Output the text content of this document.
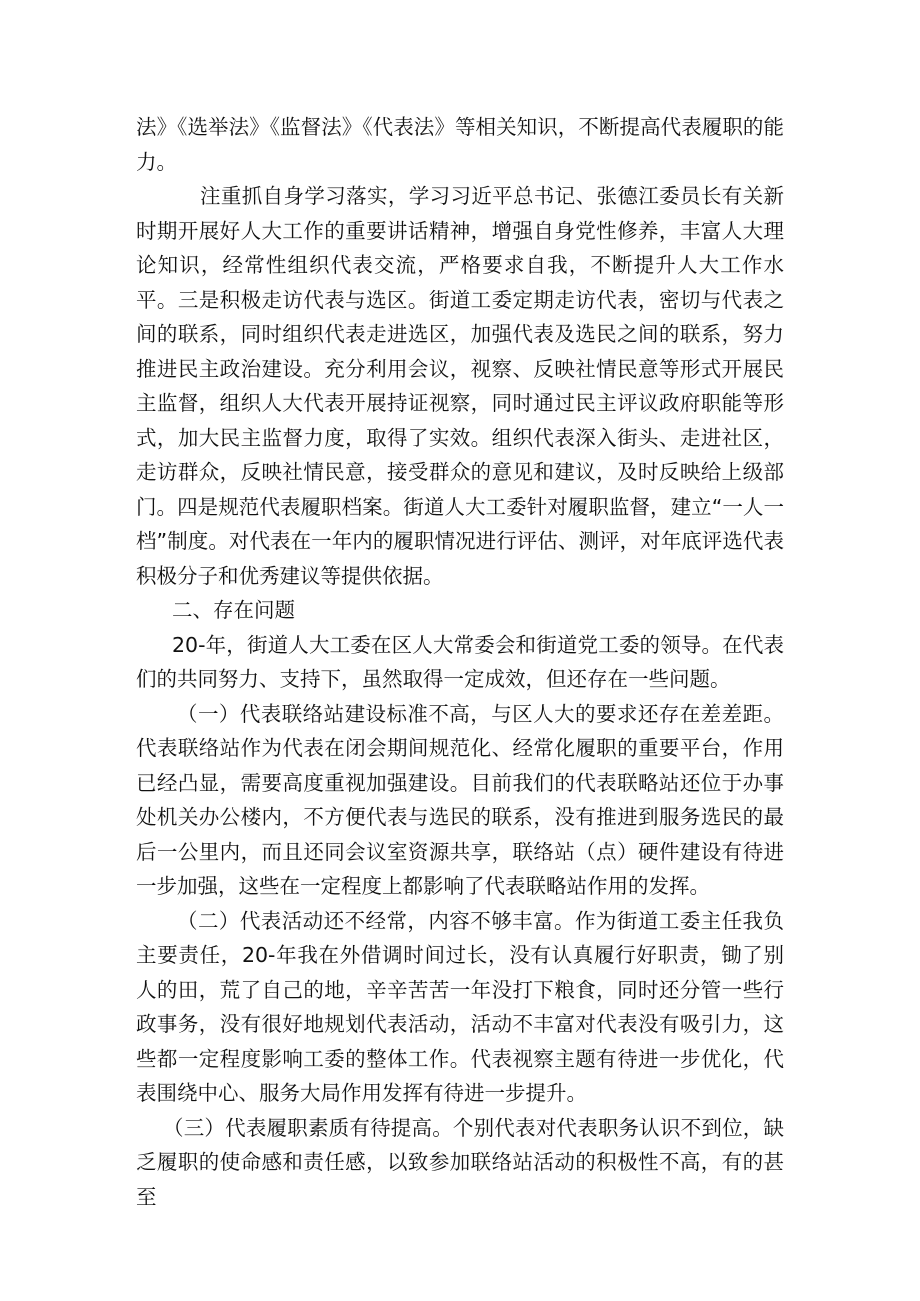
法》《选举法》《监督法》《代表法》等相关知识，不断提高代表履职的能力。

注重抓自身学习落实，学习习近平总书记、张德江委员长有关新时期开展好人大工作的重要讲话精神，增强自身党性修养，丰富人大理论知识，经常性组织代表交流，严格要求自我，不断提升人大工作水平。三是积极走访代表与选区。街道工委定期走访代表，密切与代表之间的联系，同时组织代表走进选区，加强代表及选民之间的联系，努力推进民主政治建设。充分利用会议，视察、反映社情民意等形式开展民主监督，组织人大代表开展持证视察，同时通过民主评议政府职能等形式，加大民主监督力度，取得了实效。组织代表深入街头、走进社区，走访群众，反映社情民意，接受群众的意见和建议，及时反映给上级部门。四是规范代表履职档案。街道人大工委针对履职监督，建立“一人一档”制度。对代表在一年内的履职情况进行评估、测评，对年底评选代表积极分子和优秀建议等提供依据。

二、存在问题

20-年，街道人大工委在区人大常委会和街道党工委的领导。在代表们的共同努力、支持下，虽然取得一定成效，但还存在一些问题。

（一）代表联络站建设标准不高，与区人大的要求还存在差差距。代表联络站作为代表在闭会期间规范化、经常化履职的重要平台，作用已经凸显，需要高度重视加强建设。目前我们的代表联略站还位于办事处机关办公楼内，不方便代表与选民的联系，没有推进到服务选民的最后一公里内，而且还同会议室资源共享，联络站（点）硬件建设有待进一步加强，这些在一定程度上都影响了代表联略站作用的发挥。

（二）代表活动还不经常，内容不够丰富。作为街道工委主任我负主要责任，20-年我在外借调时间过长，没有认真履行好职责，锄了别人的田，荒了自己的地，辛辛苦苦一年没打下粮食，同时还分管一些行政事务，没有很好地规划代表活动，活动不丰富对代表没有吸引力，这些都一定程度影响工委的整体工作。代表视察主题有待进一步优化，代表围绕中心、服务大局作用发挥有待进一步提升。

（三）代表履职素质有待提高。个别代表对代表职务认识不到位，缺乏履职的使命感和责任感，以致参加联络站活动的积极性不高，有的甚至
